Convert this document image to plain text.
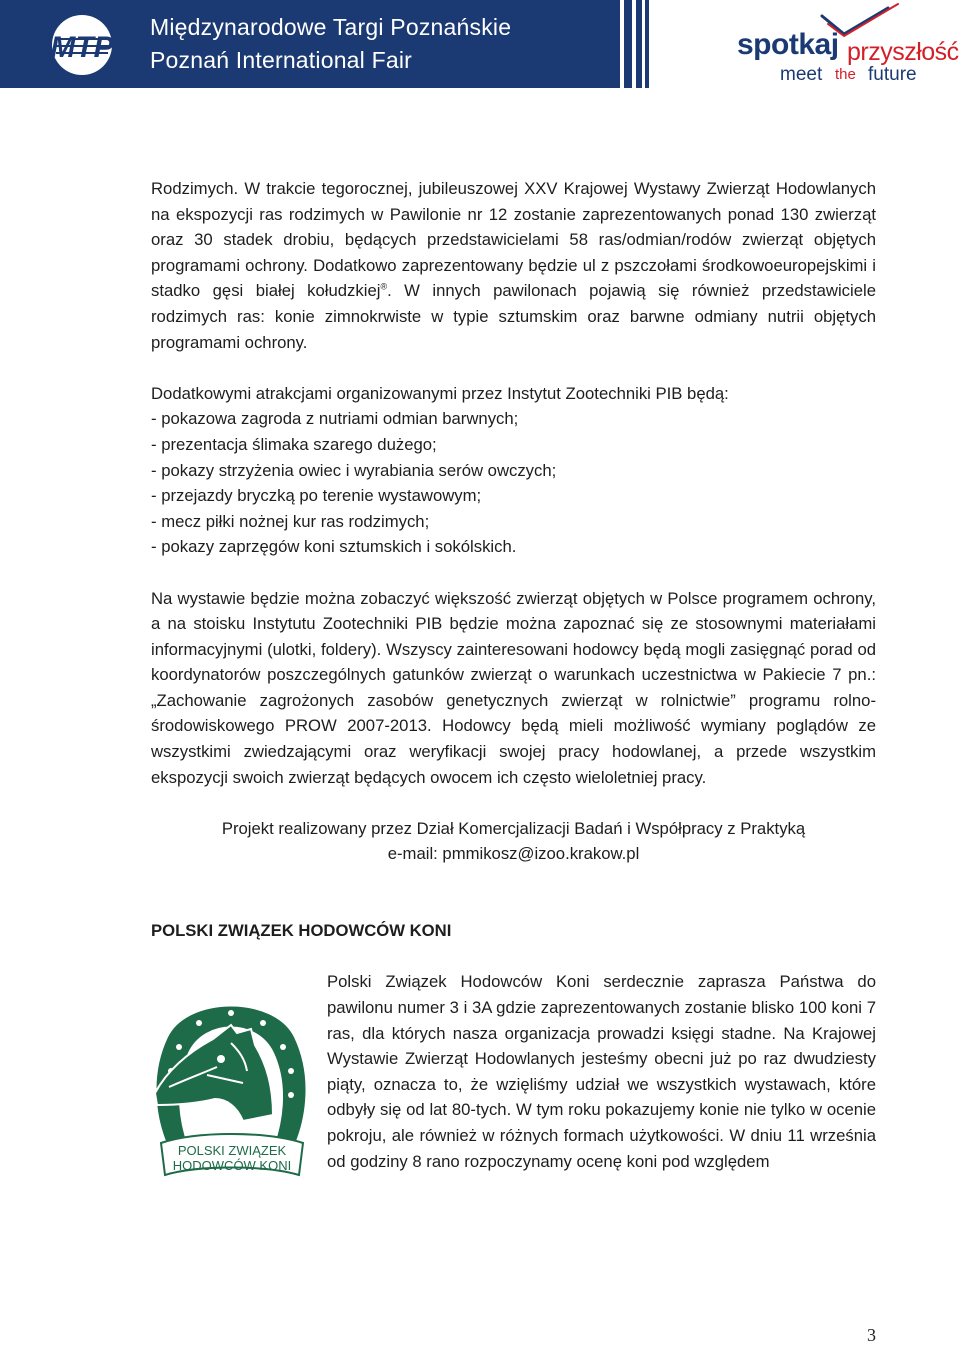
MTP
Międzynarodowe Targi Poznańskie
Poznań International Fair	spotkaj przyszłość
meet the future

Rodzimych. W trakcie tegorocznej, jubileuszowej XXV Krajowej Wystawy Zwierząt Hodowlanych na ekspozycji ras rodzimych w Pawilonie nr 12 zostanie zaprezentowanych ponad 130 zwierząt oraz 30 stadek drobiu, będących przedstawicielami 58 ras/odmian/rodów zwierząt objętych programami ochrony. Dodatkowo zaprezentowany będzie ul z pszczołami środkowoeuropejskimi i stadko gęsi białej kołudzkiej®. W innych pawilonach pojawią się również przedstawiciele rodzimych ras: konie zimnokrwiste w typie sztumskim oraz barwne odmiany nutrii objętych programami ochrony.

Dodatkowymi atrakcjami organizowanymi przez Instytut Zootechniki PIB będą:

- pokazowa zagroda z nutriami odmian barwnych;

- prezentacja ślimaka szarego dużego;

- pokazy strzyżenia owiec i wyrabiania serów owczych;

- przejazdy bryczką po terenie wystawowym;

- mecz piłki nożnej kur ras rodzimych;

- pokazy zaprzęgów koni sztumskich i sokólskich.

Na wystawie będzie można zobaczyć większość zwierząt objętych w Polsce programem ochrony, a na stoisku Instytutu Zootechniki PIB będzie można zapoznać się ze stosownymi materiałami informacyjnymi (ulotki, foldery). Wszyscy zainteresowani hodowcy będą mogli zasięgnąć porad od koordynatorów poszczególnych gatunków zwierząt o warunkach uczestnictwa w Pakiecie 7 pn.: „Zachowanie zagrożonych zasobów genetycznych zwierząt w rolnictwie” programu rolno-środowiskowego PROW 2007-2013. Hodowcy będą mieli możliwość wymiany poglądów ze wszystkimi zwiedzającymi oraz weryfikacji swojej pracy hodowlanej, a przede wszystkim ekspozycji swoich zwierząt będących owocem ich często wieloletniej pracy.

Projekt realizowany przez Dział Komercjalizacji Badań i Współpracy z Praktyką

e-mail: pmmikosz@izoo.krakow.pl

POLSKI ZWIĄZEK HODOWCÓW KONI

POLSKI ZWIĄZEK
HODOWCÓW KONI

Polski Związek Hodowców Koni serdecznie zaprasza Państwa do pawilonu numer 3 i 3A gdzie zaprezentowanych zostanie blisko 100 koni 7 ras, dla których nasza organizacja prowadzi księgi stadne. Na Krajowej Wystawie Zwierząt Hodowlanych jesteśmy obecni już po raz dwudziesty piąty, oznacza to, że wzięliśmy udział we wszystkich wystawach, które odbyły się od lat 80-tych. W tym roku pokazujemy konie nie tylko w ocenie pokroju, ale również w różnych formach użytkowości. W dniu 11 września od godziny 8 rano rozpoczynamy ocenę koni pod względem

3
